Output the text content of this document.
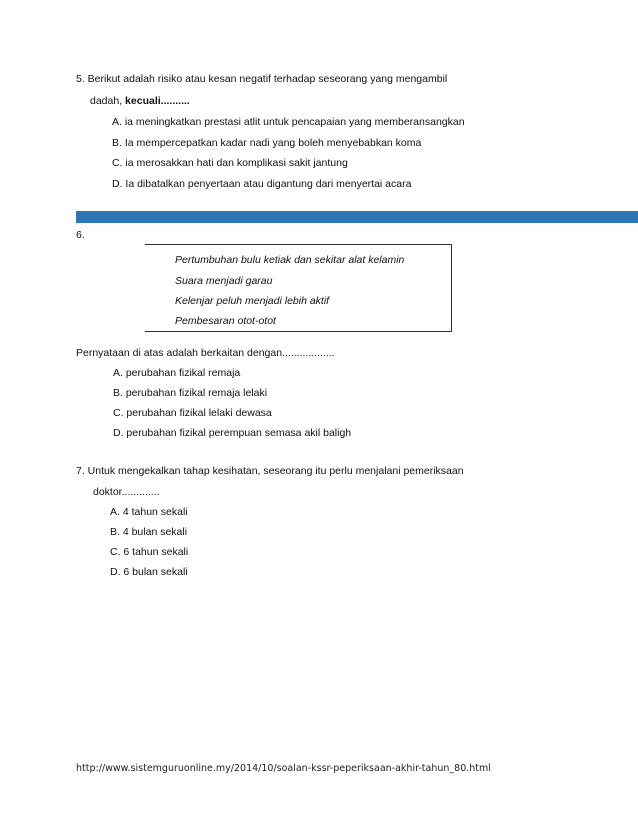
5. Berikut adalah risiko atau kesan negatif terhadap seseorang yang mengambil
dadah, kecuali..........
A. ia meningkatkan prestasi atlit untuk pencapaian yang memberansangkan
B. Ia mempercepatkan kadar nadi yang boleh menyebabkan koma
C. ia merosakkan hati dan komplikasi sakit jantung
D. Ia dibatalkan penyertaan atau digantung dari menyertai acara
6.
Pertumbuhan bulu ketiak dan sekitar alat kelamin
Suara menjadi garau
Kelenjar peluh menjadi lebih aktif
Pembesaran otot-otot
Pernyataan di atas adalah berkaitan dengan..................
A. perubahan fizikal remaja
B. perubahan fizikal remaja lelaki
C. perubahan fizikal lelaki dewasa
D. perubahan fizikal perempuan semasa akil baligh
7. Untuk mengekalkan tahap kesihatan, seseorang itu perlu menjalani pemeriksaan
doktor.............
A. 4 tahun sekali
B. 4 bulan sekali
C. 6 tahun sekali
D. 6 bulan sekali
http://www.sistemguruonline.my/2014/10/soalan-kssr-peperiksaan-akhir-tahun_80.html
